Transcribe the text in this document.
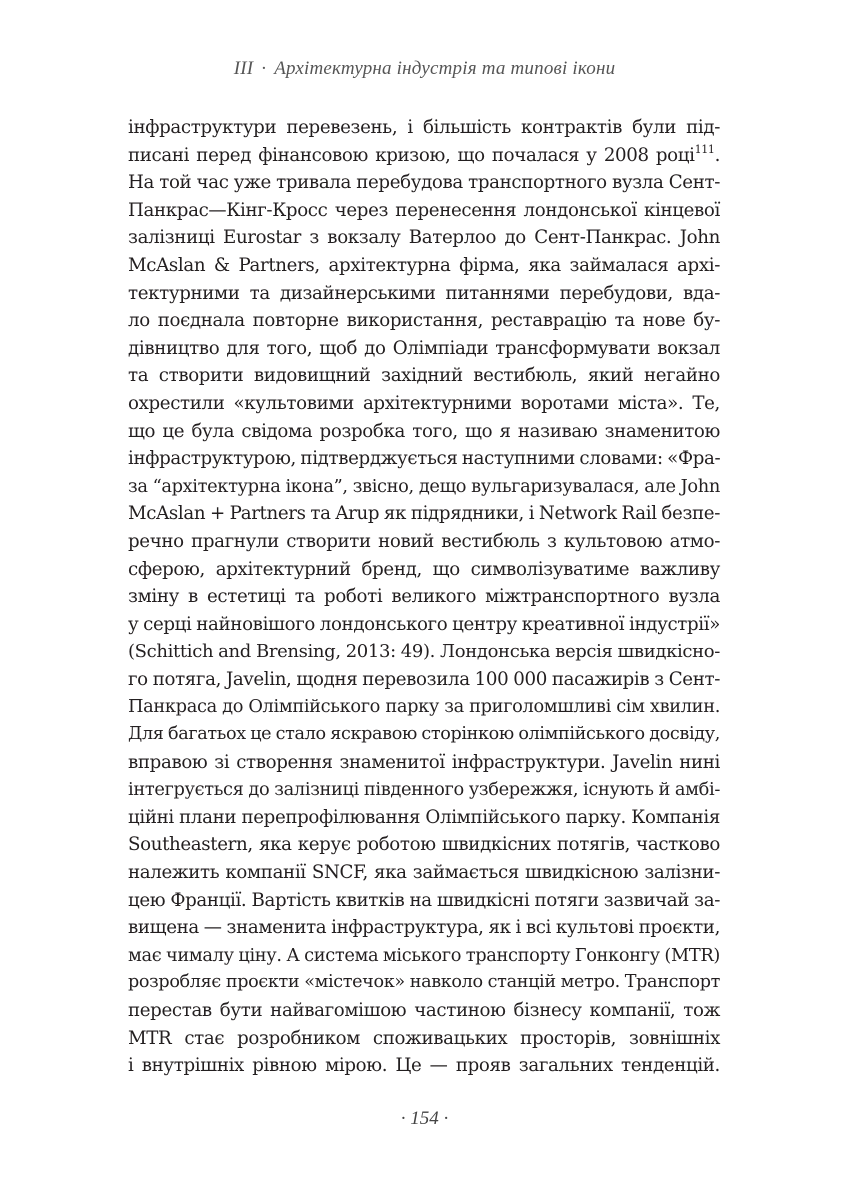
III · Архітектурна індустрія та типові ікони
інфраструктури перевезень, і більшість контрактів були під-
писані перед фінансовою кризою, що почалася у 2008 році$^{111}$.
На той час уже тривала перебудова транспортного вузла Сент-
Панкрас—Кінг-Кросс через перенесення лондонської кінцевої
залізниці Eurostar з вокзалу Ватерлоо до Сент-Панкрас. John
McAslan & Partners, архітектурна фірма, яка займалася архі-
тектурними та дизайнерськими питаннями перебудови, вда-
ло поєднала повторне використання, реставрацію та нове бу-
дівництво для того, щоб до Олімпіади трансформувати вокзал
та створити видовищний західний вестибюль, який негайно
охрестили «культовими архітектурними воротами міста». Те,
що це була свідома розробка того, що я називаю знаменитою
інфраструктурою, підтверджується наступними словами: «Фра-
за “архітектурна ікона”, звісно, дещо вульгаризувалася, але John
McAslan + Partners та Arup як підрядники, і Network Rail безпе-
речно прагнули створити новий вестибюль з культовою атмо-
сферою, архітектурний бренд, що символізуватиме важливу
зміну в естетиці та роботі великого міжтранспортного вузла
у серці найновішого лондонського центру креативної індустрії»
(Schittich and Brensing, 2013: 49). Лондонська версія швидкісно-
го потяга, Javelin, щодня перевозила 100 000 пасажирів з Сент-
Панкраса до Олімпійського парку за приголомшливі сім хвилин.
Для багатьох це стало яскравою сторінкою олімпійського досвіду,
вправою зі створення знаменитої інфраструктури. Javelin нині
інтегрується до залізниці південного узбережжя, існують й амбі-
ційні плани перепрофілювання Олімпійського парку. Компанія
Southeastern, яка керує роботою швидкісних потягів, частково
належить компанії SNCF, яка займається швидкісною залізни-
цею Франції. Вартість квитків на швидкісні потяги зазвичай за-
вищена — знаменита інфраструктура, як і всі культові проєкти,
має чималу ціну. А система міського транспорту Гонконгу (MTR)
розробляє проєкти «містечок» навколо станцій метро. Транспорт
перестав бути найвагомішою частиною бізнесу компанії, тож
MTR стає розробником споживацьких просторів, зовнішніх
і внутрішніх рівною мірою. Це — прояв загальних тенденцій.
· 154 ·
